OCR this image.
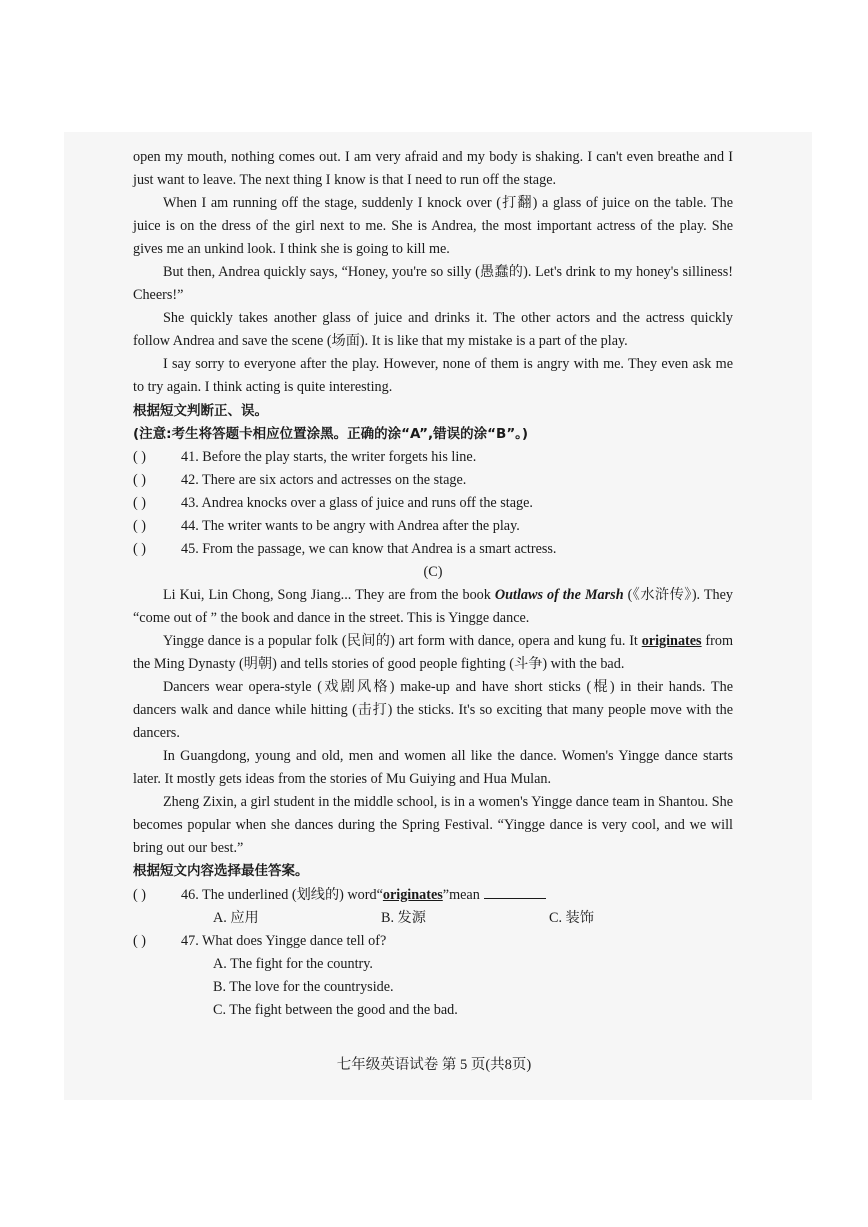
open my mouth, nothing comes out. I am very afraid and my body is shaking. I can't even breathe and I just want to leave. The next thing I know is that I need to run off the stage.

When I am running off the stage, suddenly I knock over (打翻) a glass of juice on the table. The juice is on the dress of the girl next to me. She is Andrea, the most important actress of the play. She gives me an unkind look. I think she is going to kill me.

But then, Andrea quickly says, “Honey, you're so silly (愚蠢的). Let's drink to my honey's silliness! Cheers!”

She quickly takes another glass of juice and drinks it. The other actors and the actress quickly follow Andrea and save the scene (场面). It is like that my mistake is a part of the play.

I say sorry to everyone after the play. However, none of them is angry with me. They even ask me to try again. I think acting is quite interesting.

根据短文判断正、误。

(注意:考生将答题卡相应位置涂黑。正确的涂“A”,错误的涂“B”。)

( )	41. Before the play starts, the writer forgets his line.
( )	42. There are six actors and actresses on the stage.
( )	43. Andrea knocks over a glass of juice and runs off the stage.
( )	44. The writer wants to be angry with Andrea after the play.
( )	45. From the passage, we can know that Andrea is a smart actress.

(C)

Li Kui, Lin Chong, Song Jiang... They are from the book Outlaws of the Marsh (《水浒传》). They “come out of ” the book and dance in the street. This is Yingge dance.

Yingge dance is a popular folk (民间的) art form with dance, opera and kung fu. It originates from the Ming Dynasty (明朝) and tells stories of good people fighting (斗争) with the bad.

Dancers wear opera-style (戏剧风格) make-up and have short sticks (棍) in their hands. The dancers walk and dance while hitting (击打) the sticks. It's so exciting that many people move with the dancers.

In Guangdong, young and old, men and women all like the dance. Women's Yingge dance starts later. It mostly gets ideas from the stories of Mu Guiying and Hua Mulan.

Zheng Zixin, a girl student in the middle school, is in a women's Yingge dance team in Shantou. She becomes popular when she dances during the Spring Festival. “Yingge dance is very cool, and we will bring out our best.”

根据短文内容选择最佳答案。

( )	46. The underlined (划线的) word“originates”mean
A. 应用	B. 发源	C. 装饰
( )	47. What does Yingge dance tell of?
A. The fight for the country.
B. The love for the countryside.
C. The fight between the good and the bad.
七年级英语试卷 第 5 页(共8页)
